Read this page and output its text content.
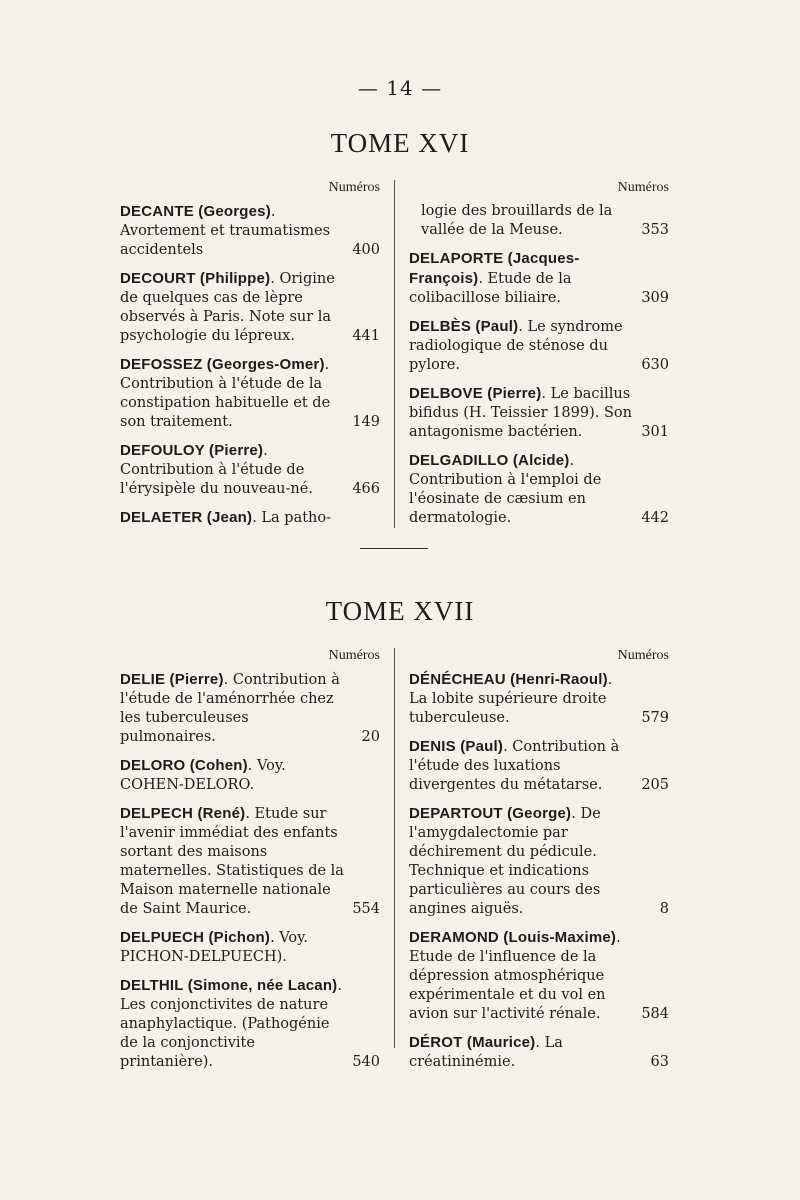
— 14 —
TOME XVI
Numéros
DECANTE (Georges). Avortement et traumatismes accidentels	400
DECOURT (Philippe). Origine de quelques cas de lèpre observés à Paris. Note sur la psychologie du lépreux.	441
DEFOSSEZ (Georges-Omer). Contribution à l'étude de la constipation habituelle et de son traitement.	149
DEFOULOY (Pierre). Contribution à l'étude de l'érysipèle du nouveau-né.	466
DELAETER (Jean). La patho-
Numéros
logie des brouillards de la vallée de la Meuse.	353
DELAPORTE (Jacques-François). Etude de la colibacillose biliaire.	309
DELBÈS (Paul). Le syndrome radiologique de sténose du pylore.	630
DELBOVE (Pierre). Le bacillus bifidus (H. Teissier 1899). Son antagonisme bactérien.	301
DELGADILLO (Alcide). Contribution à l'emploi de l'éosinate de cæsium en dermatologie.	442
TOME XVII
Numéros
DELIE (Pierre). Contribution à l'étude de l'aménorrhée chez les tuberculeuses pulmonaires.	20
DELORO (Cohen). Voy. COHEN-DELORO.
DELPECH (René). Etude sur l'avenir immédiat des enfants sortant des maisons maternelles. Statistiques de la Maison maternelle nationale de Saint Maurice.	554
DELPUECH (Pichon). Voy. PICHON-DELPUECH).
DELTHIL (Simone, née Lacan). Les conjonctivites de nature anaphylactique. (Pathogénie de la conjonctivite printanière).	540
Numéros
DÉNÉCHEAU (Henri-Raoul). La lobite supérieure droite tuberculeuse.	579
DENIS (Paul). Contribution à l'étude des luxations divergentes du métatarse.	205
DEPARTOUT (George). De l'amygdalectomie par déchirement du pédicule. Technique et indications particulières au cours des angines aiguës.	8
DERAMOND (Louis-Maxime). Etude de l'influence de la dépression atmosphérique expérimentale et du vol en avion sur l'activité rénale.	584
DÉROT (Maurice). La créatininémie.	63
